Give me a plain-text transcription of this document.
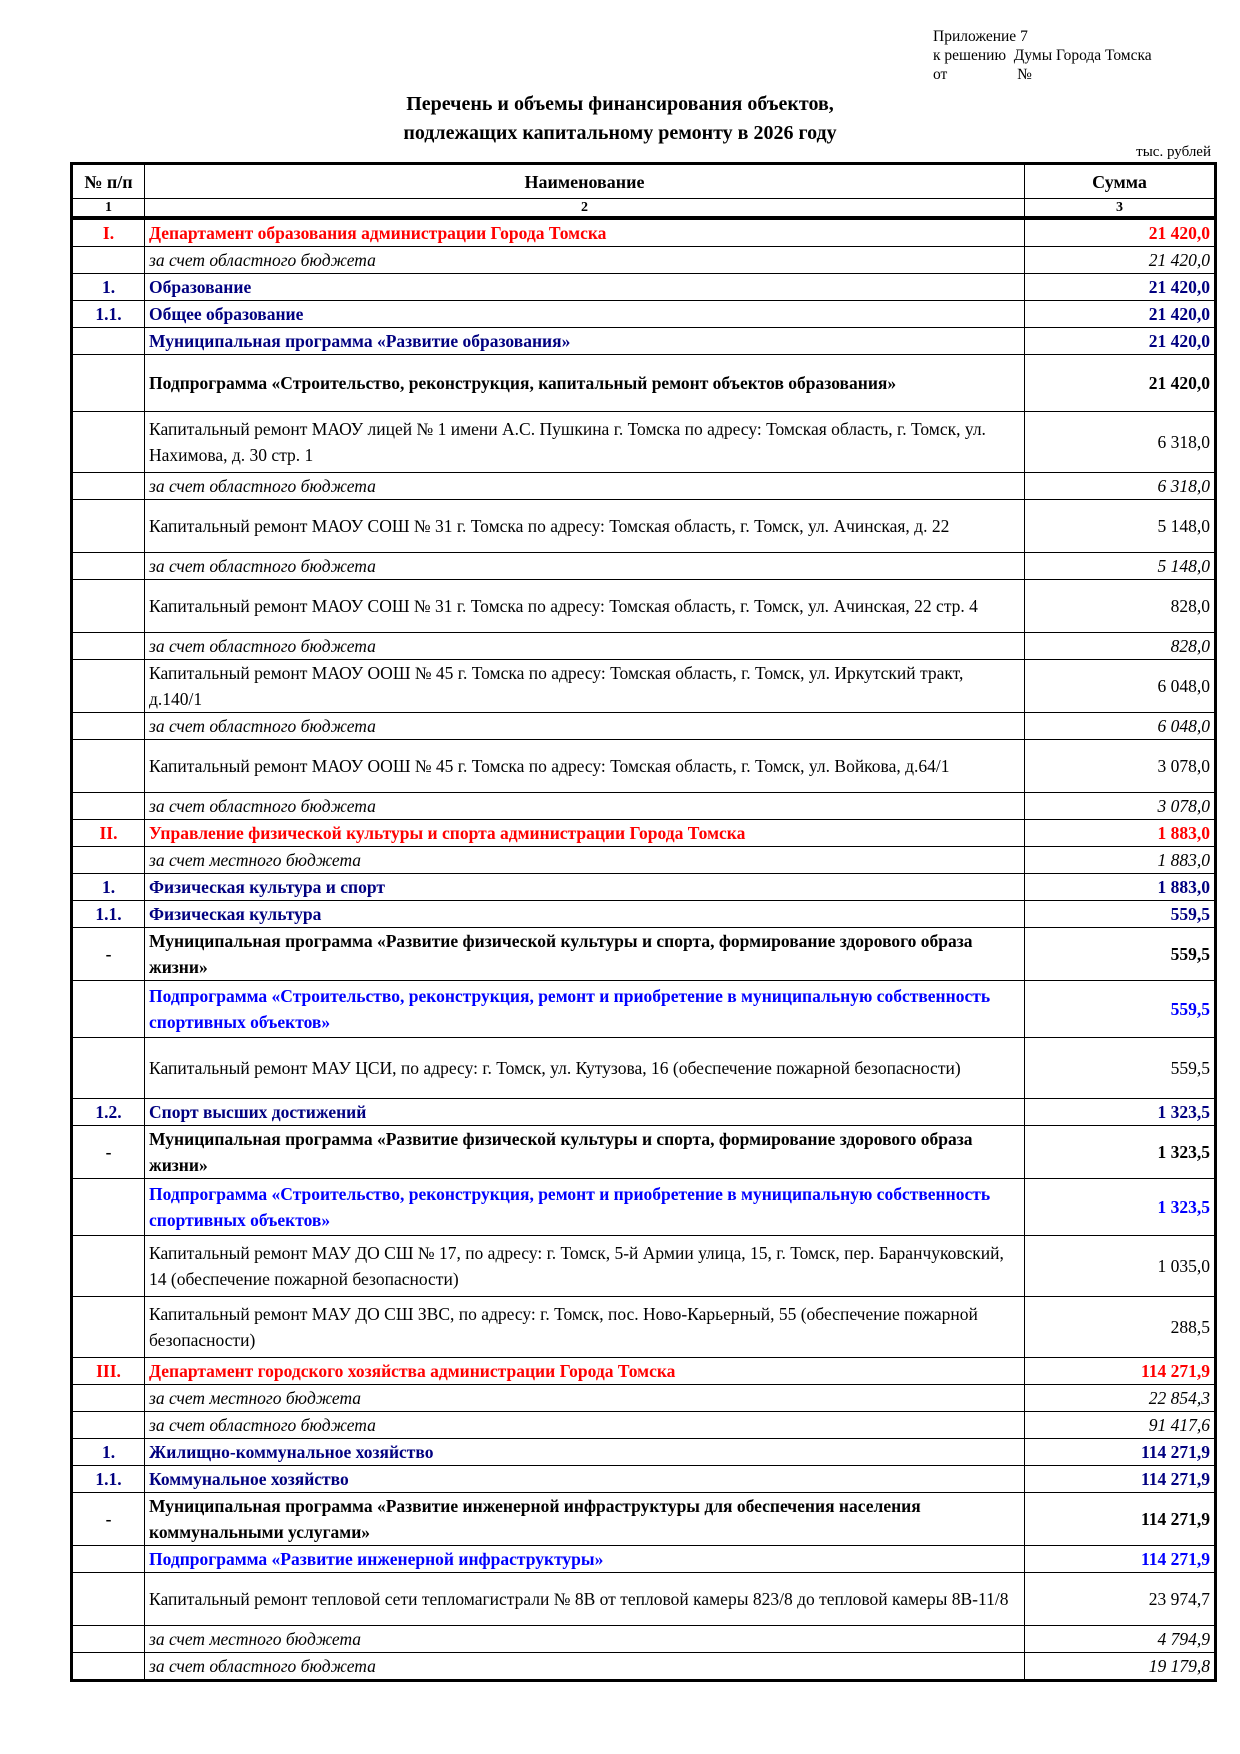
Приложение 7
к решению  Думы Города Томска
от                  №
Перечень и объемы финансирования объектов,
подлежащих капитальному ремонту в 2026 году
тыс. рублей
№ п/п	Наименование	Сумма
1	2	3
I.	Департамент образования администрации Города Томска	21 420,0
	за счет областного бюджета	21 420,0
1.	Образование	21 420,0
1.1.	Общее образование	21 420,0
	Муниципальная программа «Развитие образования»	21 420,0
	Подпрограмма «Строительство, реконструкция, капитальный ремонт объектов образования»	21 420,0
	Капитальный ремонт МАОУ лицей № 1 имени А.С. Пушкина г. Томска по адресу: Томская область, г. Томск, ул. Нахимова, д. 30 стр. 1	6 318,0
	за счет областного бюджета	6 318,0
	Капитальный ремонт МАОУ СОШ № 31 г. Томска по адресу: Томская область, г. Томск, ул. Ачинская, д. 22	5 148,0
	за счет областного бюджета	5 148,0
	Капитальный ремонт МАОУ СОШ № 31 г. Томска по адресу: Томская область, г. Томск, ул. Ачинская, 22 стр. 4	828,0
	за счет областного бюджета	828,0
	Капитальный ремонт МАОУ ООШ № 45 г. Томска по адресу: Томская область, г. Томск, ул. Иркутский тракт, д.140/1	6 048,0
	за счет областного бюджета	6 048,0
	Капитальный ремонт МАОУ ООШ № 45 г. Томска по адресу: Томская область, г. Томск, ул. Войкова, д.64/1	3 078,0
	за счет областного бюджета	3 078,0
II.	Управление физической культуры и спорта администрации Города Томска	1 883,0
	за счет местного бюджета	1 883,0
1.	Физическая культура и спорт	1 883,0
1.1.	Физическая культура	559,5
-	Муниципальная программа «Развитие физической культуры и спорта, формирование здорового образа жизни»	559,5
	Подпрограмма «Строительство, реконструкция, ремонт и приобретение в муниципальную собственность спортивных объектов»	559,5
	Капитальный ремонт МАУ ЦСИ, по адресу: г. Томск, ул. Кутузова, 16 (обеспечение пожарной безопасности)	559,5
1.2.	Спорт высших достижений	1 323,5
-	Муниципальная программа «Развитие физической культуры и спорта, формирование здорового образа жизни»	1 323,5
	Подпрограмма «Строительство, реконструкция, ремонт и приобретение в муниципальную собственность спортивных объектов»	1 323,5
	Капитальный ремонт МАУ ДО СШ № 17, по адресу: г. Томск, 5-й Армии улица, 15, г. Томск, пер. Баранчуковский, 14 (обеспечение пожарной безопасности)	1 035,0
	Капитальный ремонт МАУ ДО СШ ЗВС, по адресу: г. Томск, пос. Ново-Карьерный, 55 (обеспечение пожарной безопасности)	288,5
III.	Департамент городского хозяйства администрации Города Томска	114 271,9
	за счет местного бюджета	22 854,3
	за счет областного бюджета	91 417,6
1.	Жилищно-коммунальное хозяйство	114 271,9
1.1.	Коммунальное хозяйство	114 271,9
-	Муниципальная программа «Развитие инженерной инфраструктуры для обеспечения населения коммунальными услугами»	114 271,9
	Подпрограмма «Развитие инженерной инфраструктуры»	114 271,9
	Капитальный ремонт тепловой сети тепломагистрали № 8В от тепловой камеры 823/8 до тепловой камеры 8В-11/8	23 974,7
	за счет местного бюджета	4 794,9
	за счет областного бюджета	19 179,8
